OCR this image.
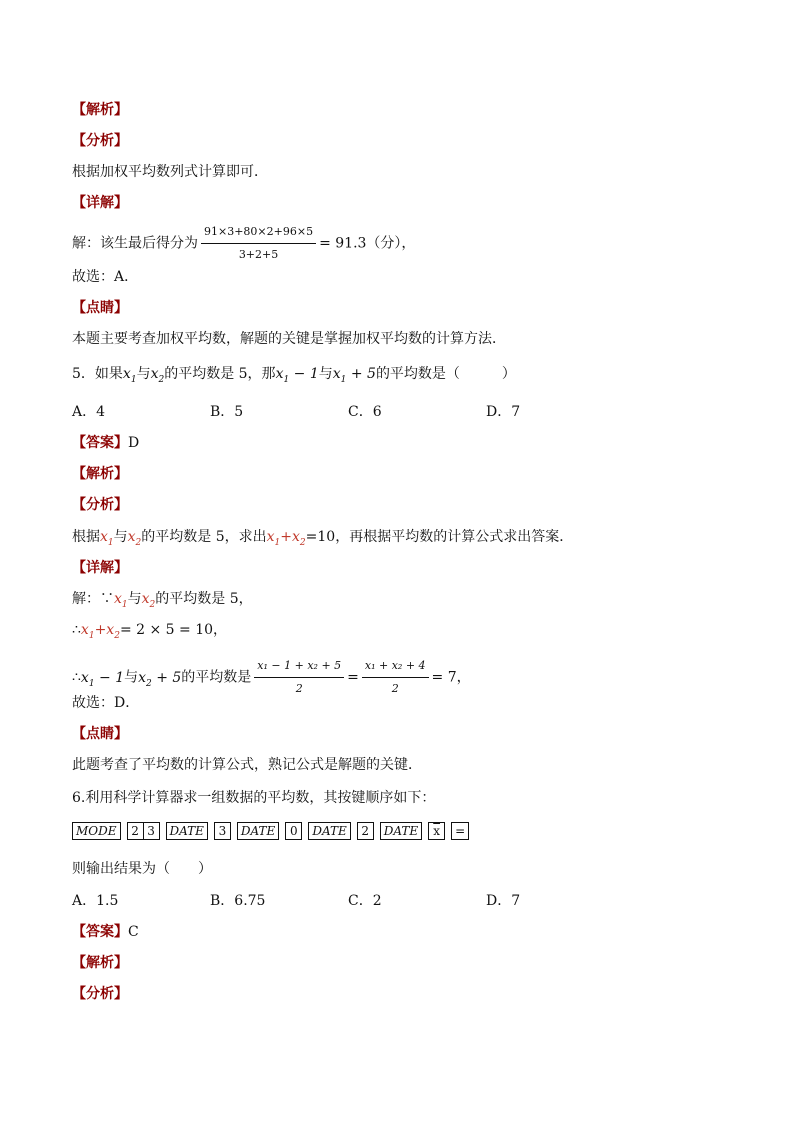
【解析】
【分析】
根据加权平均数列式计算即可．
【详解】
解：该生最后得分为 $\frac{91\times 3+80\times 2+96\times 5}{3+2+5} = 91.3$（分），
故选：A．
【点睛】
本题主要考查加权平均数，解题的关键是掌握加权平均数的计算方法．
5．如果$x_1$与$x_2$的平均数是 5，那$x_1 - 1$与$x_1 + 5$的平均数是（　　　）
A．4	B．5	C．6	D．7
【答案】D
【解析】
【分析】
根据$x_1$与$x_2$的平均数是 5，求出$x_1+x_2=10$，再根据平均数的计算公式求出答案．
【详解】
解：$\because x_1$与$x_2$的平均数是 5，
$\therefore x_1+x_2= 2 \times 5 = 10$，
$\therefore x_1 - 1$与$x_2 + 5$的平均数是 $\frac{\text{x₁ − 1 + x₂ + 5}}{2} = \frac{\text{x₁ + x₂ + 4}}{2} = 7$，
故选：D．
【点睛】
此题考查了平均数的计算公式，熟记公式是解题的关键．
6.利用科学计算器求一组数据的平均数，其按键顺序如下：
MODE 2 3 DATE 3 DATE 0 DATE 2 DATE $\overline{x}$ =
则输出结果为（　　）
A．1.5	B．6.75	C．2	D．7
【答案】C
【解析】
【分析】
